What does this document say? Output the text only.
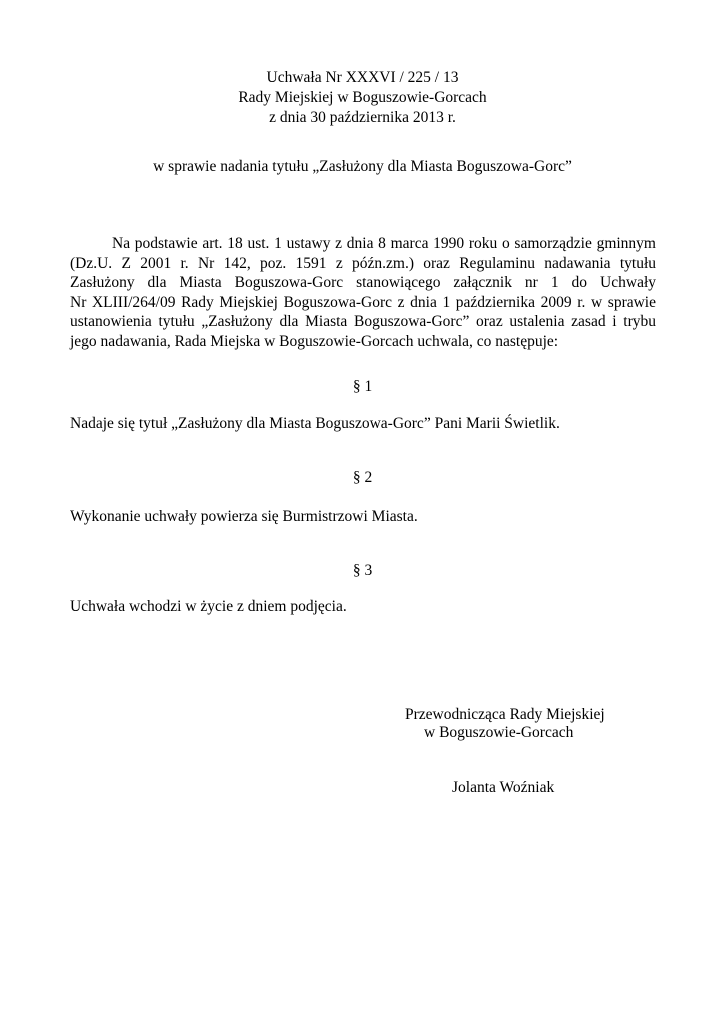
Uchwała Nr XXXVI / 225 / 13
Rady Miejskiej w Boguszowie-Gorcach
z dnia 30 października 2013 r.
w sprawie nadania tytułu „Zasłużony dla Miasta Boguszowa-Gorc”
Na podstawie art. 18 ust. 1 ustawy z dnia 8 marca 1990 roku o samorządzie gminnym
(Dz.U. Z 2001 r. Nr 142, poz. 1591 z późn.zm.) oraz Regulaminu nadawania tytułu
Zasłużony dla Miasta Boguszowa-Gorc stanowiącego załącznik nr 1 do Uchwały
Nr XLIII/264/09 Rady Miejskiej Boguszowa-Gorc z dnia 1 października 2009 r. w sprawie
ustanowienia tytułu „Zasłużony dla Miasta Boguszowa-Gorc” oraz ustalenia zasad i trybu
jego nadawania, Rada Miejska w Boguszowie-Gorcach uchwala, co następuje:
§ 1
Nadaje się tytuł „Zasłużony dla Miasta Boguszowa-Gorc” Pani Marii Świetlik.
§ 2
Wykonanie uchwały powierza się Burmistrzowi Miasta.
§ 3
Uchwała wchodzi w życie z dniem podjęcia.
Przewodnicząca Rady Miejskiej
w Boguszowie-Gorcach
Jolanta Woźniak
